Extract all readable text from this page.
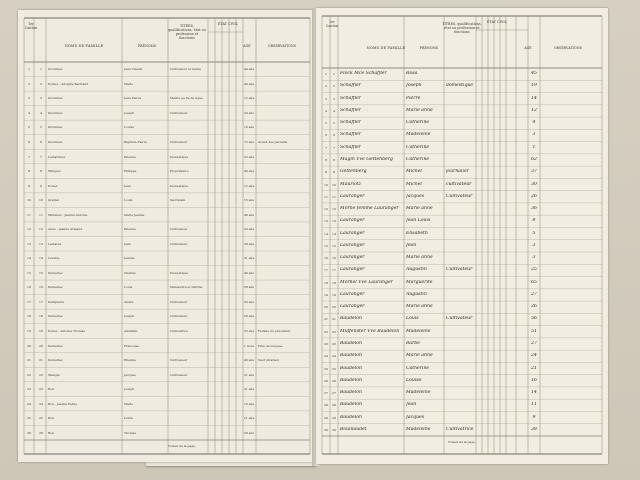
1er Canton
NOMS DE FAMILLE	PRÉNOMS
TITRES, qualifications, état ou profession et fonctions
ÉTAT CIVIL
AGE	OBSERVATIONS
1	1	Dorsimez	Jean Claude	Cultivateur et maire	44 ans
2	2	Poirier , Adolphe Bertrand	Marie	40 ans
3	3	Dorsimez	Jean Pierre	Maître au 6e de ligne	12 ans
4	4	Dorsimez	Joseph	Cultivateur	20 ans
5	5	Dorsimez	Louise	16 ans
6	6	Dorsimez	Baptiste Pierre	Cultivateur	72 ans	Aveuli des parrains
7	7	Lamartinez	Etienne	Domestique	22 ans
8	8	Mingrez	Philippe	Propriétaire	40 ans
9	9	Poirez	Jean	Domestique	12 ans
10	10	Gratiez	Louis	Sacristain	15 ans
11	11	Mimarez , Jeanne Antoine	Marie Jeanne	46 ans
12	12	Anne , Jeanne Armand	Etienne	Cultivateur	20 ans
13	13	Lamarez	Jean	Cultivateur	28 ans
14	14	Lavette	Jeanne	31 ans
15	15	Pernettez	Charles	Domestique	40 ans
16	16	Pernettez	Louis	Manœuvre et infirme	58 ans
17	17	Petitpierre	André	Cultivateur	20 ans
18	18	Pernettez	Joseph	Cultivateur	26 ans
19	19	Poirez , Antoine Thomas	Adélaïde	Cultivatrice	23 ans	Femme du précédent
20	20	Pernettez	Françoise	1 mois	Fille de longuee
21	21	Pernettez	Etienne	Cultivateur	46 ans	Veuf (Gratiez)
22	22	Mangin	Jacques	Cultivateur	21 ans
23	23	Bon	Joseph	21 ans
24	24	Bon , Jeanne Petite	Marie	10 ans
25	25	Bon	Lubin	11 ans
26	26	Bon	Thomas	28 ans
Totaux de la page
1er Canton
NOMS DE FAMILLE	PRÉNOMS
TITRES, qualifications, état ou profession et fonctions
ÉTAT CIVIL
AGE	OBSERVATIONS
1	1	Flock Mce Schaffler	Rosa	45
2	2	Schaffler	Joseph	domestique	19
3	3	Schaffler	Pierre	14
4	4	Schaffler	Marie anne	12
5	5	Schaffler	Catherine	4
6	6	Schaffler	Madeleine	3
7	7	Schaffler	Catherine	1
8	8	Magin Vve Gettenberg	Catherine	62
9	9	Gettenberg	Michel	journalier	37
10	10 Mauriotz	Michel	cultivateur	30
11	11 Lauranger	Jacques	Cultivateur	26
12	12 Morne femme Lauranger	Marie anne	36
13	13 Lauranger	Jean Louis	8
14	14 Lauranger	Elisabeth	5
15	15 Lauranger	Jean	3
16	16 Lauranger	Marie anne	3
17	17 Lauranger	Augustin	Cultivateur	25
18	18 Morhel Vve Lauranger	Marguerite	65
19	19 Lauranger	Augustin	27
20	20 Lauranger	Marie anne	26
21	21 Baudelon	Louis	Cultivateur	56
22	22 Muffenster Vve Baudelon	Madeleine	51
23	23 Baudelon	Barbe	27
24	24 Baudelon	Marie anne	24
25	25 Baudelon	Catherine	21
26	26 Baudelon	Louise	16
27	27 Baudelon	Madeleine	14
28	28 Baudelon	Jean	11
29	29 Baudelon	Jacques	9
30	30 Bouillaudet	Madeleine	Cultivatrice	38
Totaux de la page
